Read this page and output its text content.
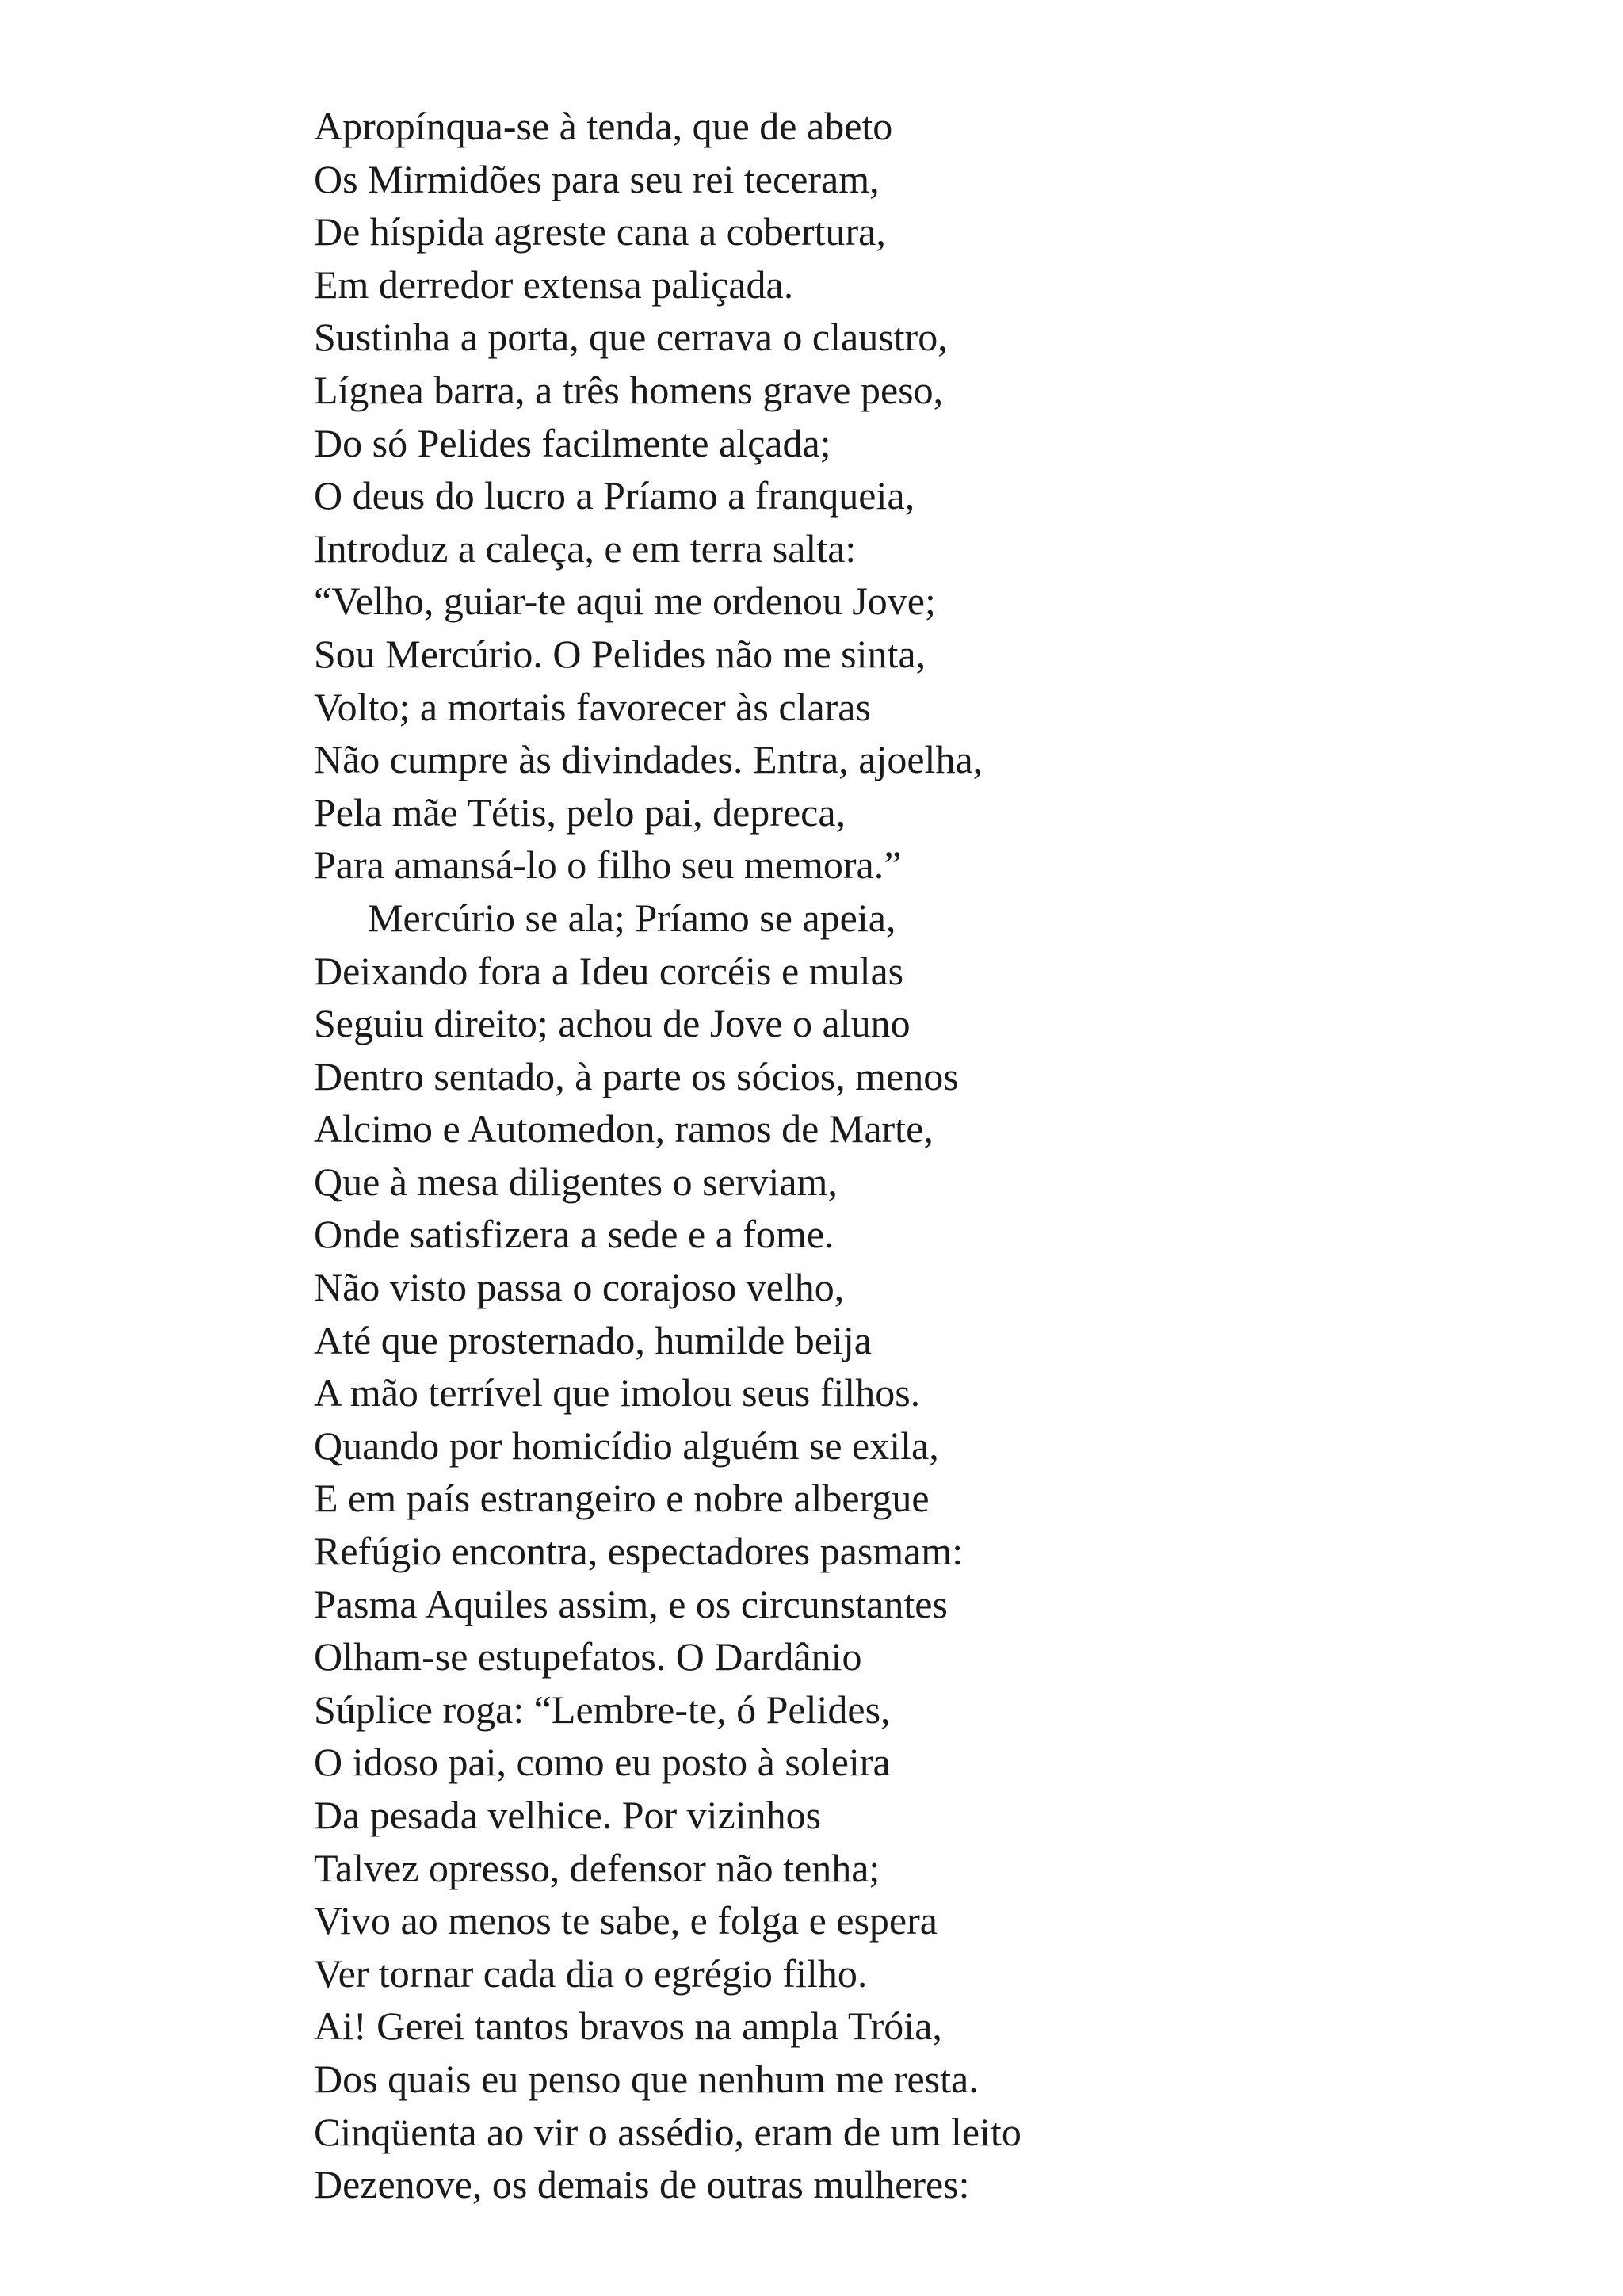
Apropínqua-se à tenda, que de abeto
Os Mirmidões para seu rei teceram,
De híspida agreste cana a cobertura,
Em derredor extensa paliçada.
Sustinha a porta, que cerrava o claustro,
Lígnea barra, a três homens grave peso,
Do só Pelides facilmente alçada;
O deus do lucro a Príamo a franqueia,
Introduz a caleça, e em terra salta:
“Velho, guiar-te aqui me ordenou Jove;
Sou Mercúrio. O Pelides não me sinta,
Volto; a mortais favorecer às claras
Não cumpre às divindades. Entra, ajoelha,
Pela mãe Tétis, pelo pai, depreca,
Para amansá-lo o filho seu memora.”
Mercúrio se ala; Príamo se apeia,
Deixando fora a Ideu corcéis e mulas
Seguiu direito; achou de Jove o aluno
Dentro sentado, à parte os sócios, menos
Alcimo e Automedon, ramos de Marte,
Que à mesa diligentes o serviam,
Onde satisfizera a sede e a fome.
Não visto passa o corajoso velho,
Até que prosternado, humilde beija
A mão terrível que imolou seus filhos.
Quando por homicídio alguém se exila,
E em país estrangeiro e nobre albergue
Refúgio encontra, espectadores pasmam:
Pasma Aquiles assim, e os circunstantes
Olham-se estupefatos. O Dardânio
Súplice roga: “Lembre-te, ó Pelides,
O idoso pai, como eu posto à soleira
Da pesada velhice. Por vizinhos
Talvez opresso, defensor não tenha;
Vivo ao menos te sabe, e folga e espera
Ver tornar cada dia o egrégio filho.
Ai! Gerei tantos bravos na ampla Tróia,
Dos quais eu penso que nenhum me resta.
Cinqüenta ao vir o assédio, eram de um leito
Dezenove, os demais de outras mulheres:
